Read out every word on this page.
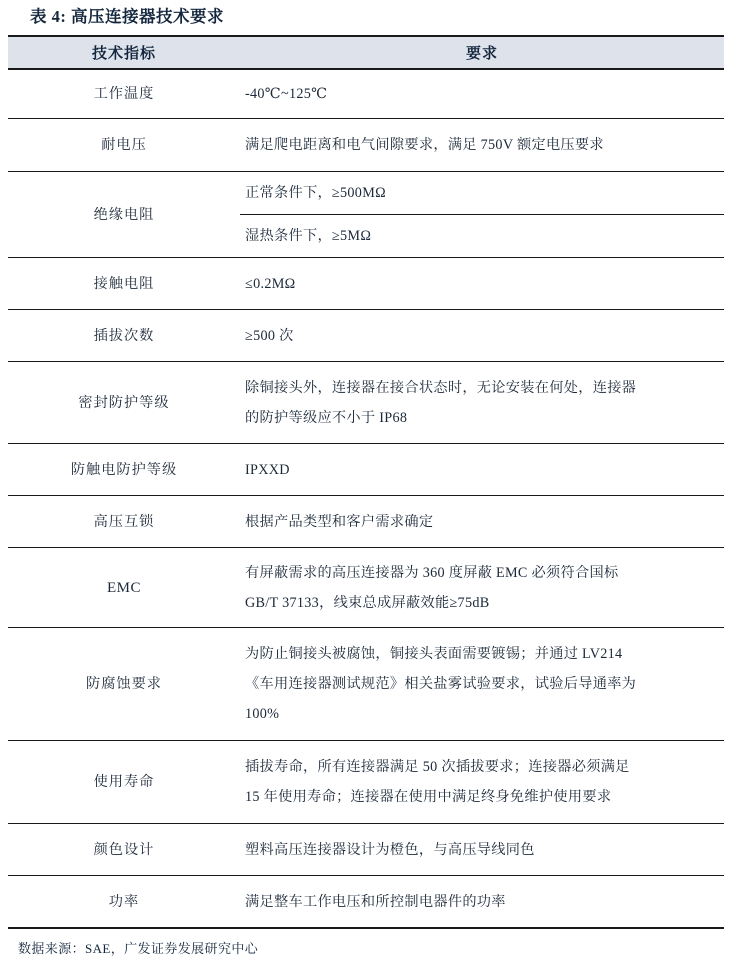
表 4: 高压连接器技术要求
技术指标	要求
工作温度	-40℃~125℃

耐电压	满足爬电距离和电气间隙要求，满足 750V 额定电压要求

绝缘电阻	正常条件下，≥500MΩ
湿热条件下，≥5MΩ

接触电阻	≤0.2MΩ

插拔次数	≥500 次

密封防护等级	除铜接头外，连接器在接合状态时，无论安装在何处，连接器
的防护等级应不小于 IP68

防触电防护等级	IPXXD

高压互锁	根据产品类型和客户需求确定

EMC	有屏蔽需求的高压连接器为 360 度屏蔽 EMC 必须符合国标
GB/T 37133，线束总成屏蔽效能≥75dB

防腐蚀要求	为防止铜接头被腐蚀，铜接头表面需要镀锡；并通过 LV214
《车用连接器测试规范》相关盐雾试验要求，试验后导通率为
100%

使用寿命	插拔寿命，所有连接器满足 50 次插拔要求；连接器必须满足
15 年使用寿命；连接器在使用中满足终身免维护使用要求

颜色设计	塑料高压连接器设计为橙色，与高压导线同色

功率	满足整车工作电压和所控制电器件的功率
数据来源：SAE，广发证券发展研究中心
